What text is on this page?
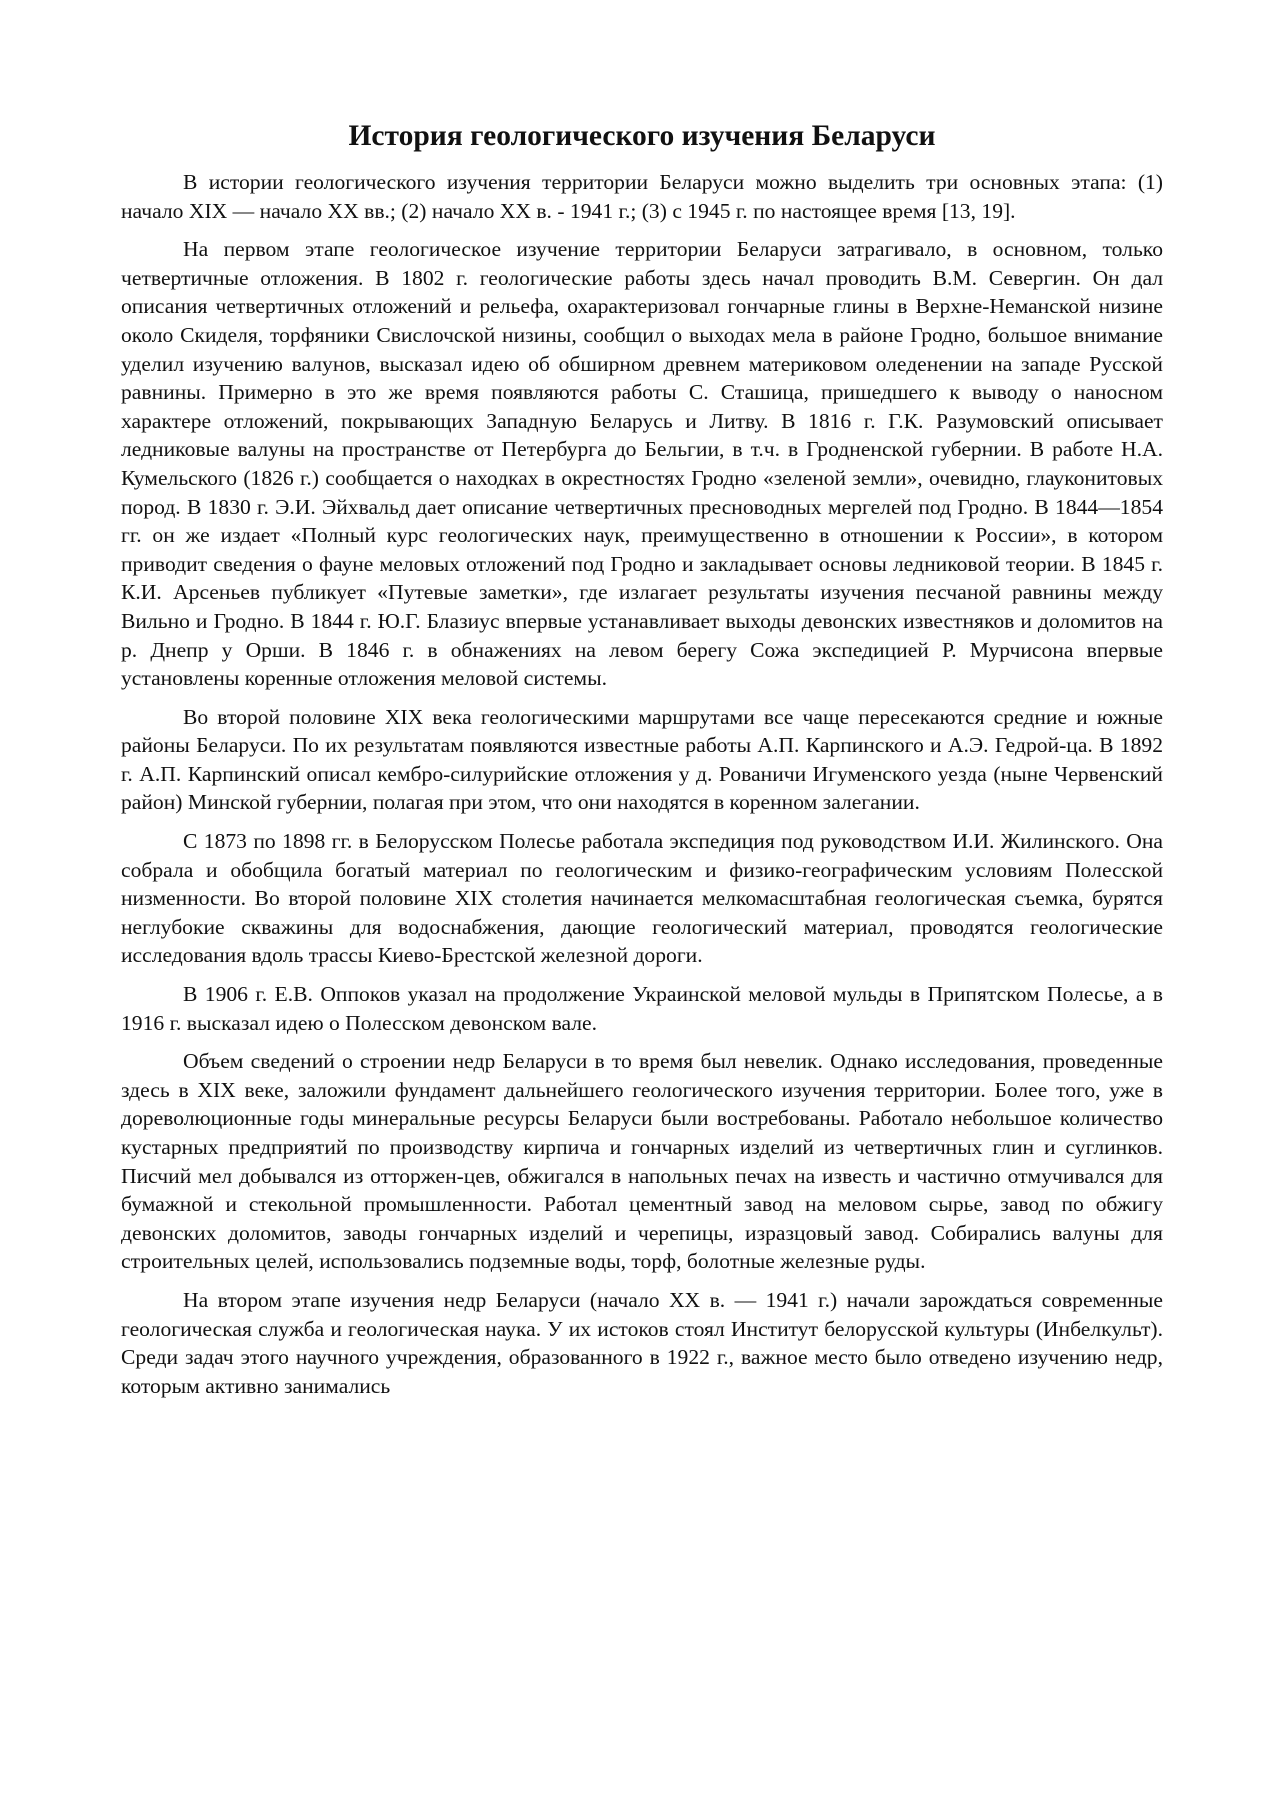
История геологического изучения Беларуси

В истории геологического изучения территории Беларуси можно выделить три основных этапа: (1) начало XIX — начало XX вв.; (2) начало XX в. - 1941 г.; (3) с 1945 г. по настоящее время [13, 19].

На первом этапе геологическое изучение территории Беларуси затрагивало, в основном, только четвертичные отложения. В 1802 г. геологические работы здесь начал проводить В.М. Севергин. Он дал описания четвертичных отложений и рельефа, охарактеризовал гончарные глины в Верхне-Неманской низине около Скиделя, торфяники Свислочской низины, сообщил о выходах мела в районе Гродно, большое внимание уделил изучению валунов, высказал идею об обширном древнем материковом оледенении на западе Русской равнины. Примерно в это же время появляются работы С. Сташица, пришедшего к выводу о наносном характере отложений, покрывающих Западную Беларусь и Литву. В 1816 г. Г.К. Разумовский описывает ледниковые валуны на пространстве от Петербурга до Бельгии, в т.ч. в Гродненской губернии. В работе Н.А. Кумельского (1826 г.) сообщается о находках в окрестностях Гродно «зеленой земли», очевидно, глауконитовых пород. В 1830 г. Э.И. Эйхвальд дает описание четвертичных пресноводных мергелей под Гродно. В 1844—1854 гг. он же издает «Полный курс геологических наук, преимущественно в отношении к России», в котором приводит сведения о фауне меловых отложений под Гродно и закладывает основы ледниковой теории. В 1845 г. К.И. Арсеньев публикует «Путевые заметки», где излагает результаты изучения песчаной равнины между Вильно и Гродно. В 1844 г. Ю.Г. Блазиус впервые устанавливает выходы девонских известняков и доломитов на р. Днепр у Орши. В 1846 г. в обнажениях на левом берегу Сожа экспедицией Р. Мурчисона впервые установлены коренные отложения меловой системы.

Во второй половине XIX века геологическими маршрутами все чаще пересекаются средние и южные районы Беларуси. По их результатам появляются известные работы А.П. Карпинского и А.Э. Гедрой-ца. В 1892 г. А.П. Карпинский описал кембро-силурийские отложения у д. Рованичи Игуменского уезда (ныне Червенский район) Минской губернии, полагая при этом, что они находятся в коренном залегании.

С 1873 по 1898 гг. в Белорусском Полесье работала экспедиция под руководством И.И. Жилинского. Она собрала и обобщила богатый материал по геологическим и физико-географическим условиям Полесской низменности. Во второй половине XIX столетия начинается мелкомасштабная геологическая съемка, бурятся неглубокие скважины для водоснабжения, дающие геологический материал, проводятся геологические исследования вдоль трассы Киево-Брестской железной дороги.

В 1906 г. Е.В. Оппоков указал на продолжение Украинской меловой мульды в Припятском Полесье, а в 1916 г. высказал идею о Полесском девонском вале.

Объем сведений о строении недр Беларуси в то время был невелик. Однако исследования, проведенные здесь в XIX веке, заложили фундамент дальнейшего геологического изучения территории. Более того, уже в дореволюционные годы минеральные ресурсы Беларуси были востребованы. Работало небольшое количество кустарных предприятий по производству кирпича и гончарных изделий из четвертичных глин и суглинков. Писчий мел добывался из отторжен-цев, обжигался в напольных печах на известь и частично отмучивался для бумажной и стекольной промышленности. Работал цементный завод на меловом сырье, завод по обжигу девонских доломитов, заводы гончарных изделий и черепицы, изразцовый завод. Собирались валуны для строительных целей, использовались подземные воды, торф, болотные железные руды.

На втором этапе изучения недр Беларуси (начало XX в. — 1941 г.) начали зарождаться современные геологическая служба и геологическая наука. У их истоков стоял Институт белорусской культуры (Инбелкульт). Среди задач этого научного учреждения, образованного в 1922 г., важное место было отведено изучению недр, которым активно занимались
